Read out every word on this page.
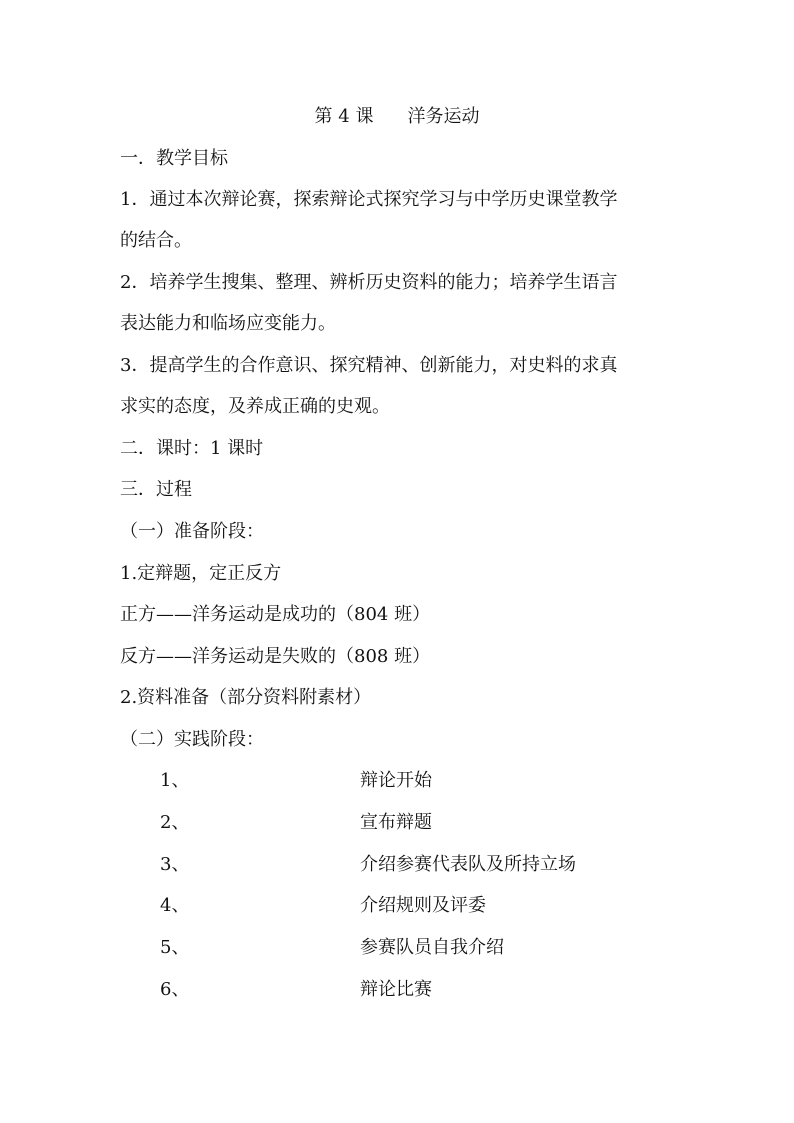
第 4 课 洋务运动
一．教学目标
1．通过本次辩论赛，探索辩论式探究学习与中学历史课堂教学
的结合。
2．培养学生搜集、整理、辨析历史资料的能力；培养学生语言
表达能力和临场应变能力。
3．提高学生的合作意识、探究精神、创新能力，对史料的求真
求实的态度，及养成正确的史观。
二．课时：1 课时
三．过程
（一）准备阶段：
1.定辩题，定正反方
正方——洋务运动是成功的（804 班）
反方——洋务运动是失败的（808 班）
2.资料准备（部分资料附素材）
（二）实践阶段：
1、	辩论开始
2、	宣布辩题
3、	介绍参赛代表队及所持立场
4、	介绍规则及评委
5、	参赛队员自我介绍
6、	辩论比赛
